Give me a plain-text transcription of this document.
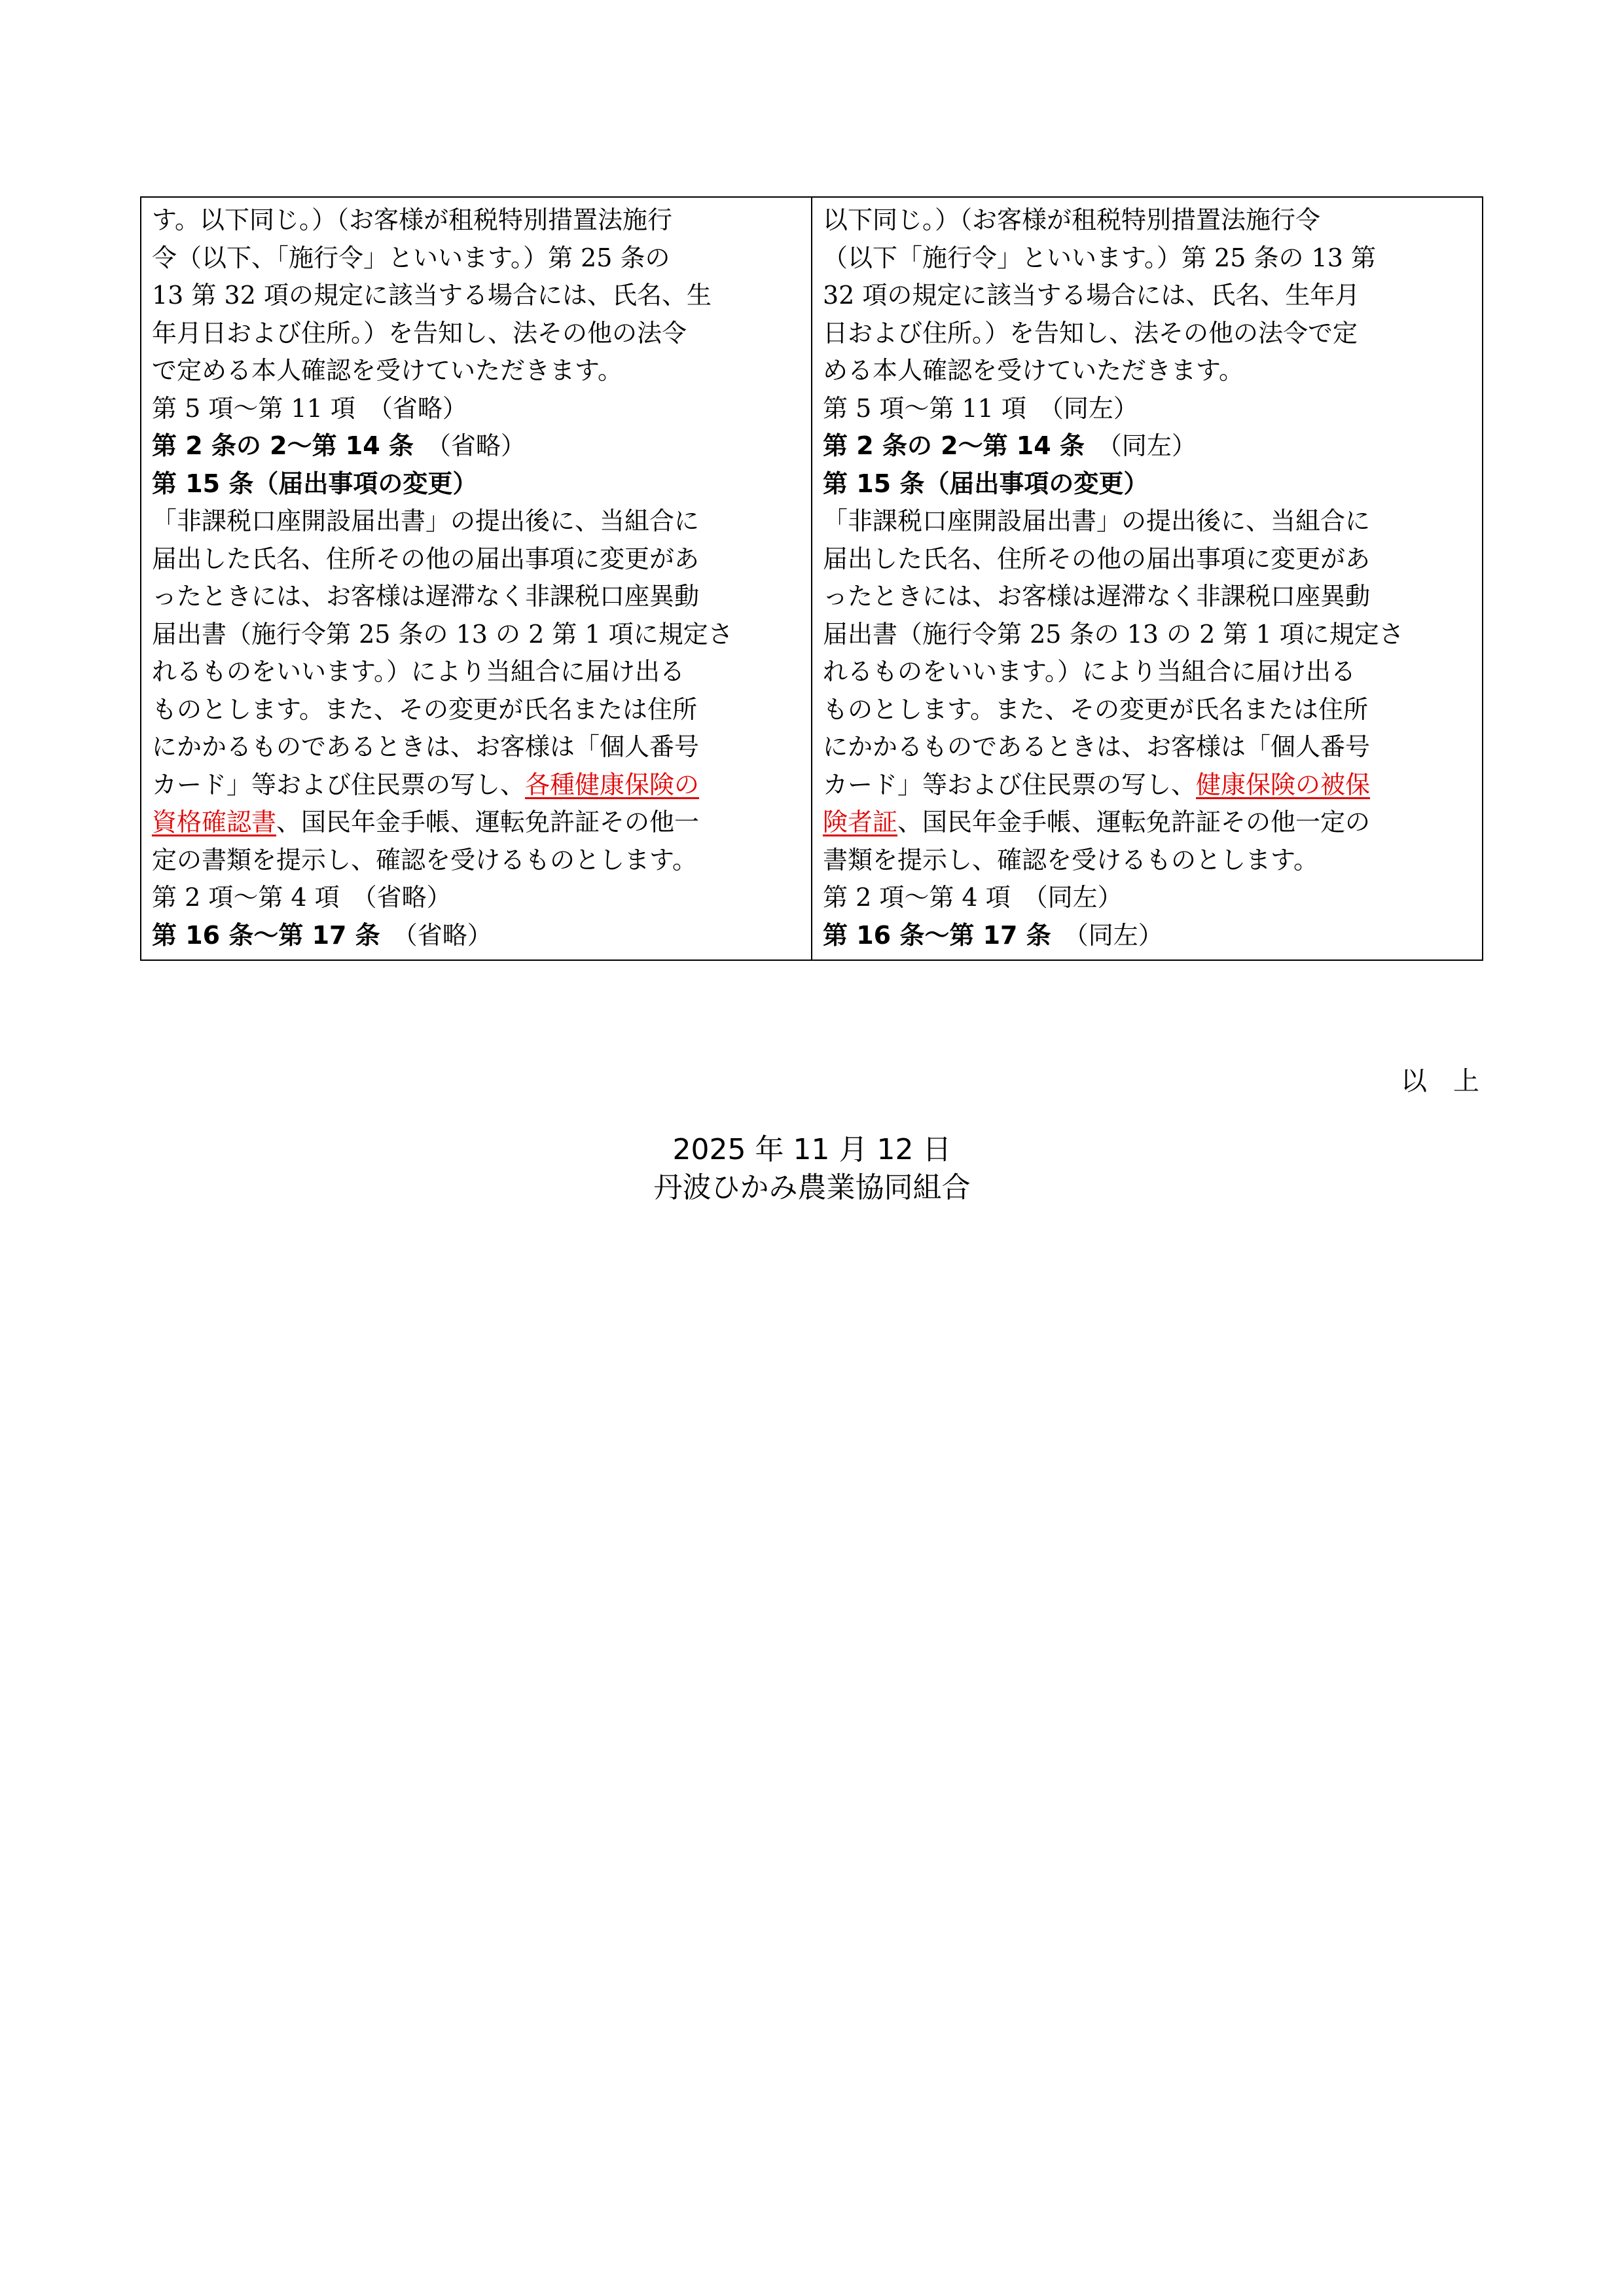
す。以下同じ。）（お客様が租税特別措置法施行
令（以下、「施行令」といいます。）第 25 条の
13 第 32 項の規定に該当する場合には、氏名、生
年月日および住所。）を告知し、法その他の法令
で定める本人確認を受けていただきます。
第 5 項～第 11 項　（省略）
第 2 条の 2～第 14 条　（省略）
第 15 条（届出事項の変更）
「非課税口座開設届出書」の提出後に、当組合に
届出した氏名、住所その他の届出事項に変更があ
ったときには、お客様は遅滞なく非課税口座異動
届出書（施行令第 25 条の 13 の 2 第 1 項に規定さ
れるものをいいます。）により当組合に届け出る
ものとします。また、その変更が氏名または住所
にかかるものであるときは、お客様は「個人番号
カード」等および住民票の写し、各種健康保険の
資格確認書、国民年金手帳、運転免許証その他一
定の書類を提示し、確認を受けるものとします。
第 2 項～第 4 項　（省略）
第 16 条～第 17 条　（省略）

以下同じ。）（お客様が租税特別措置法施行令
（以下「施行令」といいます。）第 25 条の 13 第
32 項の規定に該当する場合には、氏名、生年月
日および住所。）を告知し、法その他の法令で定
める本人確認を受けていただきます。
第 5 項～第 11 項　（同左）
第 2 条の 2～第 14 条　（同左）
第 15 条（届出事項の変更）
「非課税口座開設届出書」の提出後に、当組合に
届出した氏名、住所その他の届出事項に変更があ
ったときには、お客様は遅滞なく非課税口座異動
届出書（施行令第 25 条の 13 の 2 第 1 項に規定さ
れるものをいいます。）により当組合に届け出る
ものとします。また、その変更が氏名または住所
にかかるものであるときは、お客様は「個人番号
カード」等および住民票の写し、健康保険の被保
険者証、国民年金手帳、運転免許証その他一定の
書類を提示し、確認を受けるものとします。
第 2 項～第 4 項　（同左）
第 16 条～第 17 条　（同左）
以　上
2025 年 11 月 12 日
丹波ひかみ農業協同組合
